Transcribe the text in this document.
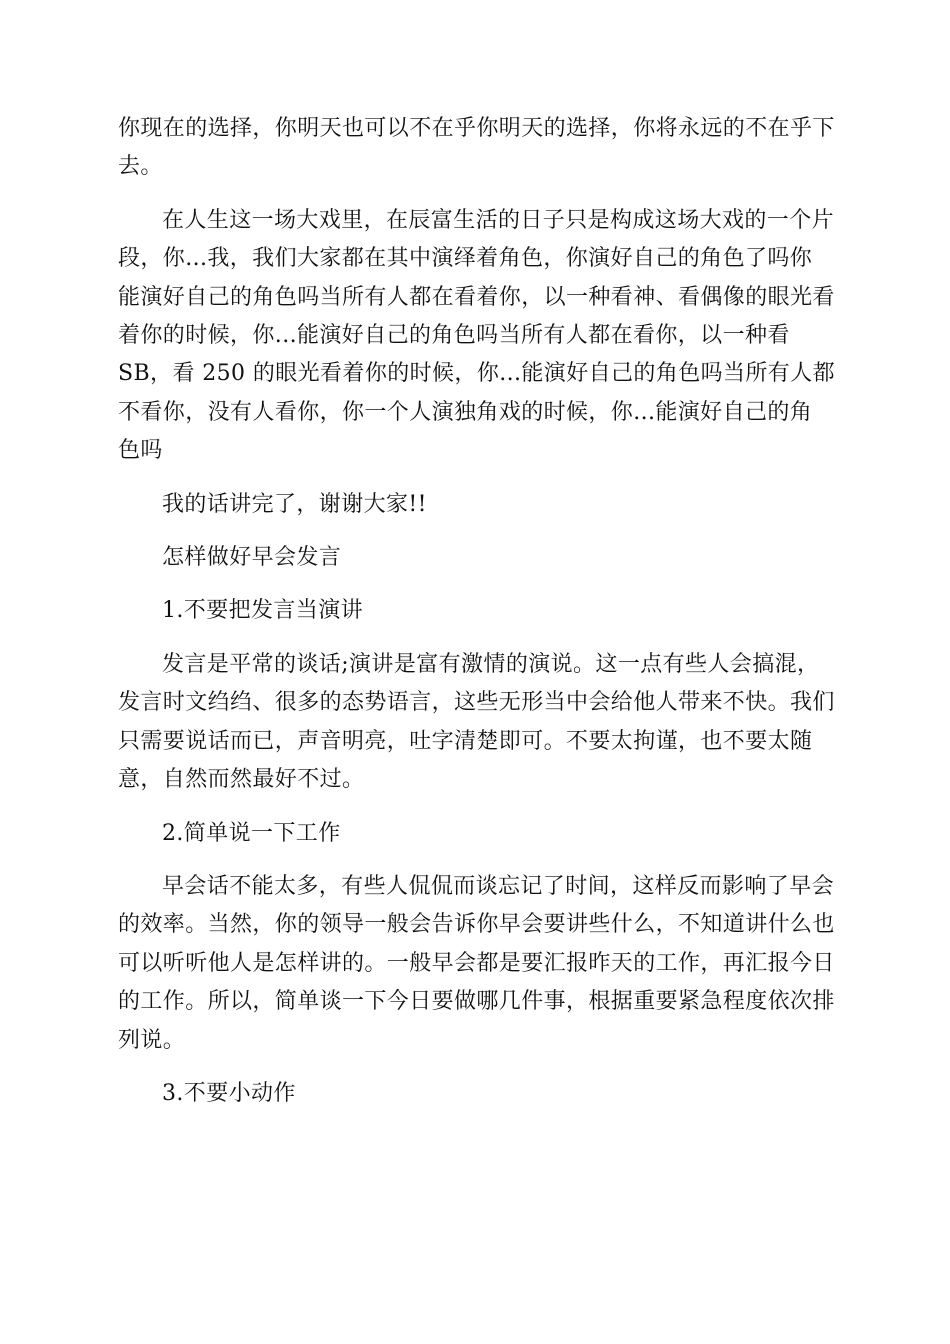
你现在的选择，你明天也可以不在乎你明天的选择，你将永远的不在乎下
去。

在人生这一场大戏里，在辰富生活的日子只是构成这场大戏的一个片
段，你...我，我们大家都在其中演绎着角色，你演好自己的角色了吗你
能演好自己的角色吗当所有人都在看着你，以一种看神、看偶像的眼光看
着你的时候，你...能演好自己的角色吗当所有人都在看你，以一种看
SB，看 250 的眼光看着你的时候，你...能演好自己的角色吗当所有人都
不看你，没有人看你，你一个人演独角戏的时候，你...能演好自己的角
色吗

我的话讲完了，谢谢大家!!

怎样做好早会发言

1.不要把发言当演讲

发言是平常的谈话;演讲是富有激情的演说。这一点有些人会搞混，
发言时文绉绉、很多的态势语言，这些无形当中会给他人带来不快。我们
只需要说话而已，声音明亮，吐字清楚即可。不要太拘谨，也不要太随
意，自然而然最好不过。

2.简单说一下工作

早会话不能太多，有些人侃侃而谈忘记了时间，这样反而影响了早会
的效率。当然，你的领导一般会告诉你早会要讲些什么，不知道讲什么也
可以听听他人是怎样讲的。一般早会都是要汇报昨天的工作，再汇报今日
的工作。所以，简单谈一下今日要做哪几件事，根据重要紧急程度依次排
列说。

3.不要小动作
